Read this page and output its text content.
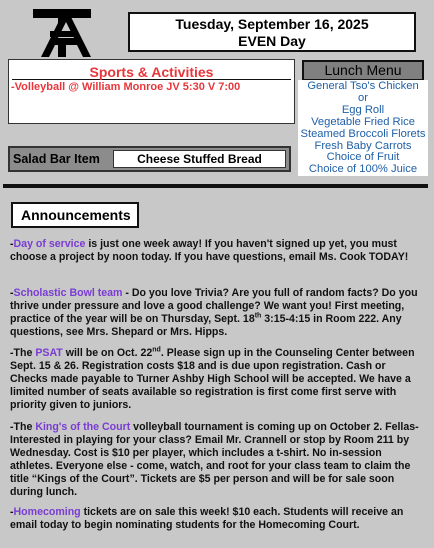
Tuesday, September 16, 2025
EVEN Day
Sports & Activities
-Volleyball @ William Monroe JV 5:30 V 7:00
Lunch Menu
General Tso's Chicken
or
Egg Roll
Vegetable Fried Rice
Steamed Broccoli Florets
Fresh Baby Carrots
Choice of Fruit
Choice of 100% Juice
Salad Bar Item	Cheese Stuffed Bread
Announcements
-Day of service is just one week away! If you haven't signed up yet, you must choose a project by noon today. If you have questions, email Ms. Cook TODAY!
-Scholastic Bowl team - Do you love Trivia? Are you full of random facts? Do you thrive under pressure and love a good challenge? We want you! First meeting, practice of the year will be on Thursday, Sept. 18th 3:15-4:15 in Room 222. Any questions, see Mrs. Shepard or Mrs. Hipps.
-The PSAT will be on Oct. 22nd. Please sign up in the Counseling Center between Sept. 15 & 26. Registration costs $18 and is due upon registration. Cash or Checks made payable to Turner Ashby High School will be accepted. We have a limited number of seats available so registration is first come first serve with priority given to juniors.
-The King's of the Court volleyball tournament is coming up on October 2. Fellas-Interested in playing for your class? Email Mr. Crannell or stop by Room 211 by Wednesday. Cost is $10 per player, which includes a t-shirt. No in-session athletes. Everyone else - come, watch, and root for your class team to claim the title “Kings of the Court”. Tickets are $5 per person and will be for sale soon during lunch.
-Homecoming tickets are on sale this week! $10 each. Students will receive an email today to begin nominating students for the Homecoming Court.
